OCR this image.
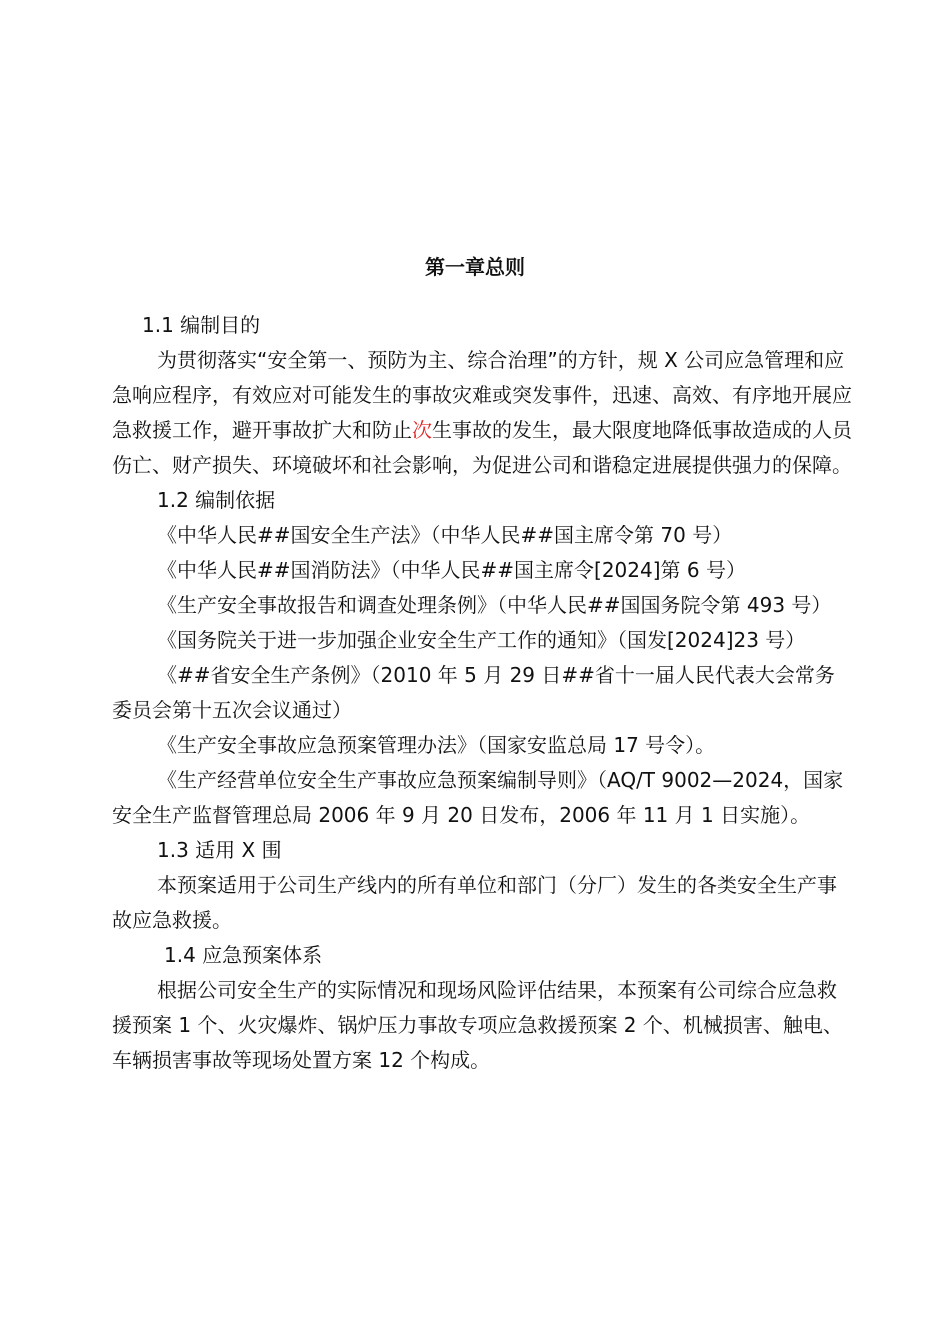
第一章总则

1.1 编制目的

为贯彻落实“安全第一、预防为主、综合治理”的方针，规 X 公司应急管理和应急响应程序，有效应对可能发生的事故灾难或突发事件，迅速、高效、有序地开展应急救援工作，避开事故扩大和防止次生事故的发生，最大限度地降低事故造成的人员伤亡、财产损失、环境破坏和社会影响，为促进公司和谐稳定进展提供强力的保障。

1.2 编制依据

《中华人民##国安全生产法》（中华人民##国主席令第 70 号）

《中华人民##国消防法》（中华人民##国主席令[2024]第 6 号）

《生产安全事故报告和调查处理条例》（中华人民##国国务院令第 493 号）

《国务院关于进一步加强企业安全生产工作的通知》（国发[2024]23 号）

《##省安全生产条例》（2010 年 5 月 29 日##省十一届人民代表大会常务委员会第十五次会议通过）

《生产安全事故应急预案管理办法》（国家安监总局 17 号令）。

《生产经营单位安全生产事故应急预案编制导则》（AQ/T 9002—2024，国家安全生产监督管理总局 2006 年 9 月 20 日发布，2006 年 11 月 1 日实施）。

1.3 适用 X 围

本预案适用于公司生产线内的所有单位和部门（分厂）发生的各类安全生产事故应急救援。

1.4 应急预案体系

根据公司安全生产的实际情况和现场风险评估结果，本预案有公司综合应急救援预案 1 个、火灾爆炸、锅炉压力事故专项应急救援预案 2 个、机械损害、触电、车辆损害事故等现场处置方案 12 个构成。
